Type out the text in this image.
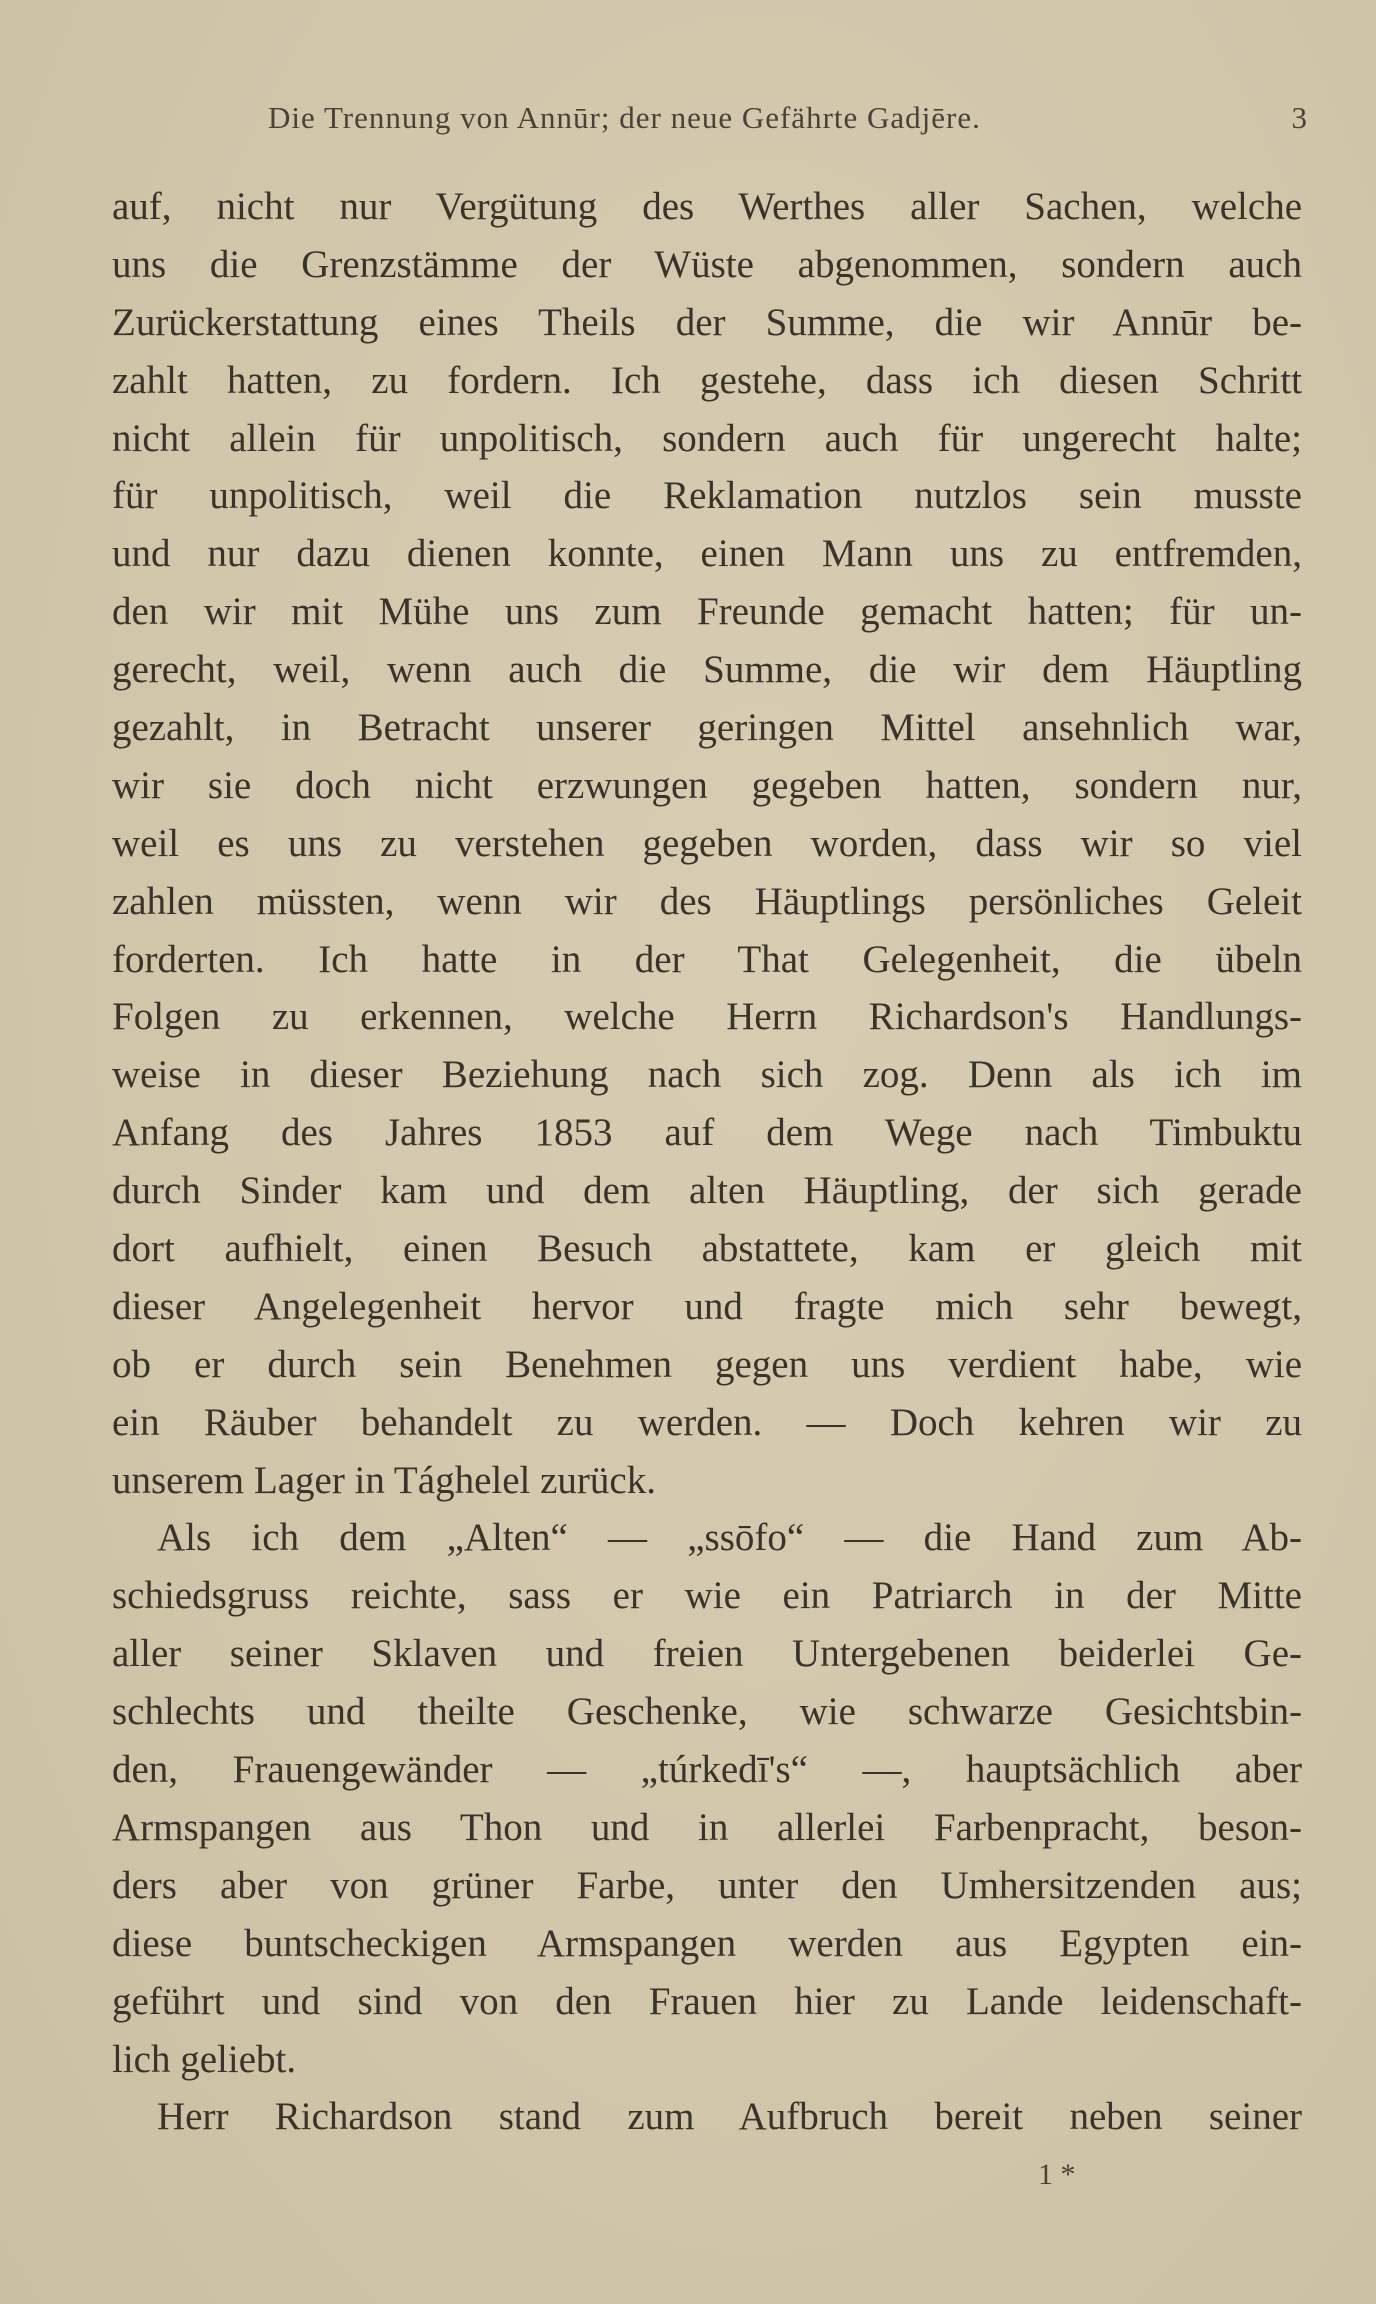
Die Trennung von Annūr; der neue Gefährte Gadjēre.	3
auf, nicht nur Vergütung des Werthes aller Sachen, welche
uns die Grenzstämme der Wüste abgenommen, sondern auch
Zurückerstattung eines Theils der Summe, die wir Annūr be-
zahlt hatten, zu fordern. Ich gestehe, dass ich diesen Schritt
nicht allein für unpolitisch, sondern auch für ungerecht halte;
für unpolitisch, weil die Reklamation nutzlos sein musste
und nur dazu dienen konnte, einen Mann uns zu entfremden,
den wir mit Mühe uns zum Freunde gemacht hatten; für un-
gerecht, weil, wenn auch die Summe, die wir dem Häuptling
gezahlt, in Betracht unserer geringen Mittel ansehnlich war,
wir sie doch nicht erzwungen gegeben hatten, sondern nur,
weil es uns zu verstehen gegeben worden, dass wir so viel
zahlen müssten, wenn wir des Häuptlings persönliches Geleit
forderten. Ich hatte in der That Gelegenheit, die übeln
Folgen zu erkennen, welche Herrn Richardson's Handlungs-
weise in dieser Beziehung nach sich zog. Denn als ich im
Anfang des Jahres 1853 auf dem Wege nach Timbuktu
durch Sinder kam und dem alten Häuptling, der sich gerade
dort aufhielt, einen Besuch abstattete, kam er gleich mit
dieser Angelegenheit hervor und fragte mich sehr bewegt,
ob er durch sein Benehmen gegen uns verdient habe, wie
ein Räuber behandelt zu werden. — Doch kehren wir zu
unserem Lager in Tághelel zurück.
Als ich dem „Alten“ — „ssōfo“ — die Hand zum Ab-
schiedsgruss reichte, sass er wie ein Patriarch in der Mitte
aller seiner Sklaven und freien Untergebenen beiderlei Ge-
schlechts und theilte Geschenke, wie schwarze Gesichtsbin-
den, Frauengewänder — „túrkedī's“ —, hauptsächlich aber
Armspangen aus Thon und in allerlei Farbenpracht, beson-
ders aber von grüner Farbe, unter den Umhersitzenden aus;
diese buntscheckigen Armspangen werden aus Egypten ein-
geführt und sind von den Frauen hier zu Lande leidenschaft-
lich geliebt.
Herr Richardson stand zum Aufbruch bereit neben seiner
1 *
